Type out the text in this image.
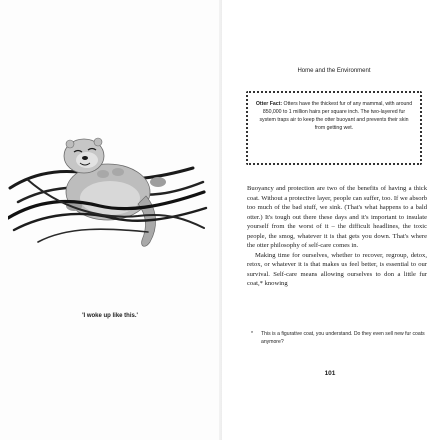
'I woke up like this.'
Home and the Environment
Otter Fact: Otters have the thickest fur of any mammal, with around 850,000 to 1 million hairs per square inch. The two-layered fur system traps air to keep the otter buoyant and prevents their skin from getting wet.

Buoyancy and protection are two of the benefits of having a thick coat. Without a protective layer, people can suffer, too. If we absorb too much of the bad stuff, we sink. (That's what happens to a bald otter.) It's tough out there these days and it's important to insulate yourself from the worst of it – the difficult headlines, the toxic people, the smog, whatever it is that gets you down. That's where the otter philosophy of self-care comes in.

Making time for ourselves, whether to recover, regroup, detox, retox, or whatever it is that makes us feel better, is essential to our survival. Self-care means allowing ourselves to don a little fur coat,* knowing

* This is a figurative coat, you understand. Do they even sell new fur coats anymore?
101
